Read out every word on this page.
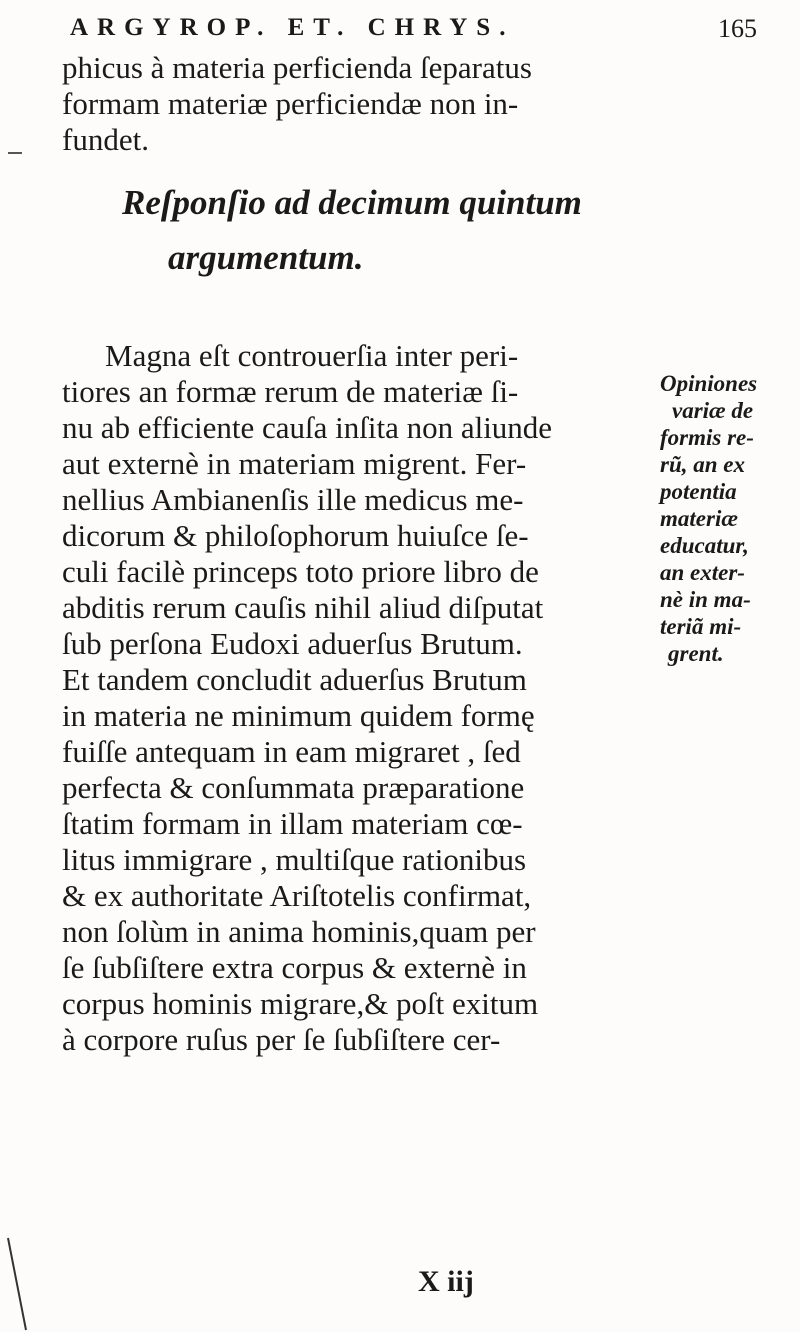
ARGYROP. ET. CHRYS.	165
phicus à materia perficienda ſeparatus
formam materiæ perficiendæ non in-
fundet.
Reſponſio ad decimum quintum
argumentum.
Magna eſt controuerſia inter peri-
tiores an formæ rerum de materiæ ſi-
nu ab efficiente cauſa inſita non aliunde
aut externè in materiam migrent. Fer-
nellius Ambianenſis ille medicus me-
dicorum & philoſophorum huiuſce ſe-
culi facilè princeps toto priore libro de
abditis rerum cauſis nihil aliud diſputat
ſub perſona Eudoxi aduerſus Brutum.
Et tandem concludit aduerſus Brutum
in materia ne minimum quidem formę
fuiſſe antequam in eam migraret , ſed
perfecta & conſummata præparatione
ſtatim formam in illam materiam cœ-
litus immigrare , multiſque rationibus
& ex authoritate Ariſtotelis confirmat,
non ſolùm in anima hominis,quam per
ſe ſubſiſtere extra corpus & externè in
corpus hominis migrare,& poſt exitum
à corpore ruſus per ſe ſubſiſtere cer-
Opiniones
variæ de
formis re-
rũ, an ex
potentia
materiæ
educatur,
an exter-
nè in ma-
teriã mi-
grent.
X iij
